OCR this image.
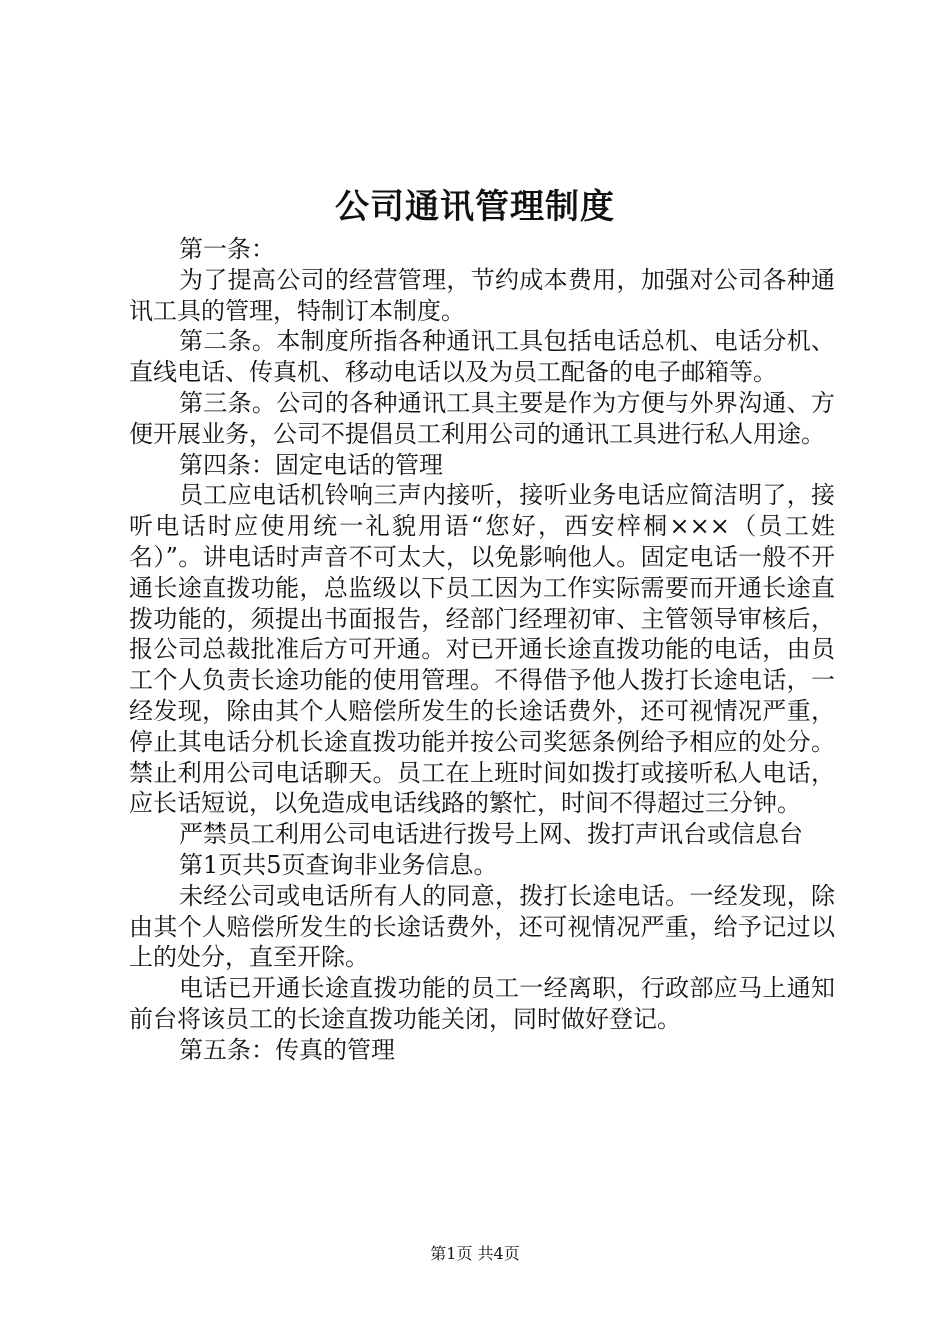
公司通讯管理制度

第一条：

为了提高公司的经营管理，节约成本费用，加强对公司各种通讯工具的管理，特制订本制度。

第二条。本制度所指各种通讯工具包括电话总机、电话分机、直线电话、传真机、移动电话以及为员工配备的电子邮箱等。

第三条。公司的各种通讯工具主要是作为方便与外界沟通、方便开展业务，公司不提倡员工利用公司的通讯工具进行私人用途。

第四条：固定电话的管理

员工应电话机铃响三声内接听，接听业务电话应简洁明了，接听电话时应使用统一礼貌用语“您好，西安梓桐×××（员工姓名）”。讲电话时声音不可太大，以免影响他人。固定电话一般不开通长途直拨功能，总监级以下员工因为工作实际需要而开通长途直拨功能的，须提出书面报告，经部门经理初审、主管领导审核后，报公司总裁批准后方可开通。对已开通长途直拨功能的电话，由员工个人负责长途功能的使用管理。不得借予他人拨打长途电话，一经发现，除由其个人赔偿所发生的长途话费外，还可视情况严重，停止其电话分机长途直拨功能并按公司奖惩条例给予相应的处分。禁止利用公司电话聊天。员工在上班时间如拨打或接听私人电话，应长话短说，以免造成电话线路的繁忙，时间不得超过三分钟。

严禁员工利用公司电话进行拨号上网、拨打声讯台或信息台

第1页共5页查询非业务信息。

未经公司或电话所有人的同意，拨打长途电话。一经发现，除由其个人赔偿所发生的长途话费外，还可视情况严重，给予记过以上的处分，直至开除。

电话已开通长途直拨功能的员工一经离职，行政部应马上通知前台将该员工的长途直拨功能关闭，同时做好登记。

第五条：传真的管理

第1页 共4页
